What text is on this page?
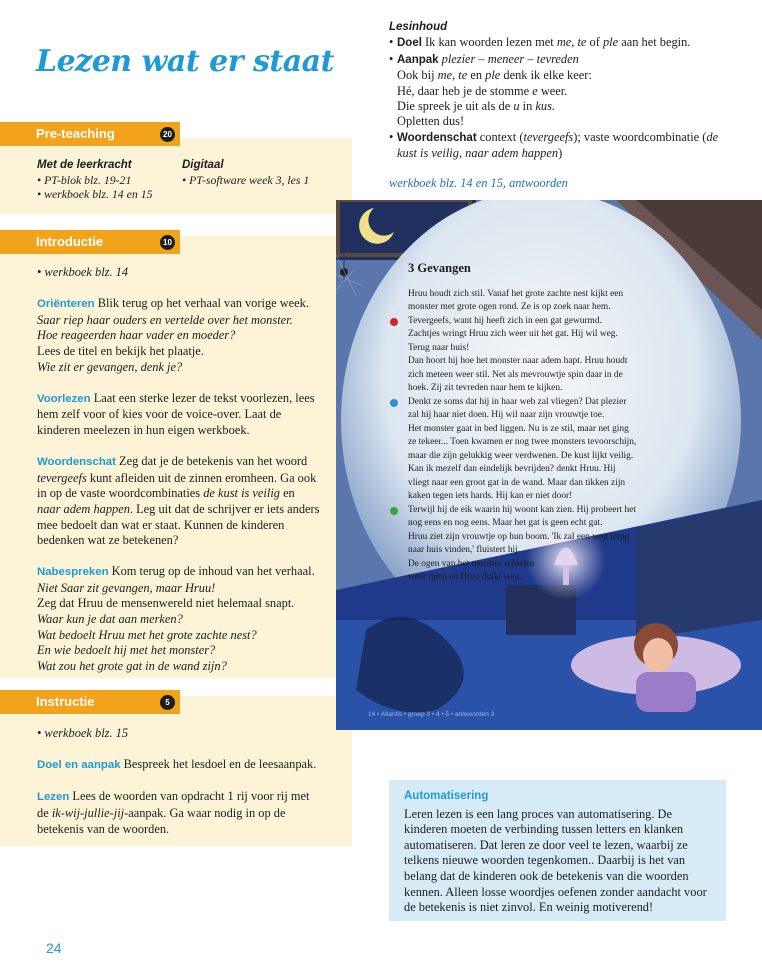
Lezen wat er staat
Pre-teaching	20
Introductie	10
Instructie	5
Met de leerkracht
• PT-blok blz. 19-21
• werkboek blz. 14 en 15
Digitaal
• PT-software week 3, les 1

• werkboek blz. 14

Oriënteren Blik terug op het verhaal van vorige week.
Saar riep haar ouders en vertelde over het monster.
Hoe reageerden haar vader en moeder?
Lees de titel en bekijk het plaatje.
Wie zit er gevangen, denk je?

Voorlezen Laat een sterke lezer de tekst voorlezen, lees hem zelf voor of kies voor de voice-over. Laat de kinderen meelezen in hun eigen werkboek.

Woordenschat Zeg dat je de betekenis van het woord tevergeefs kunt afleiden uit de zinnen eromheen. Ga ook in op de vaste woordcombinaties de kust is veilig en naar adem happen. Leg uit dat de schrijver er iets anders mee bedoelt dan wat er staat. Kunnen de kinderen bedenken wat ze betekenen?

Nabespreken Kom terug op de inhoud van het verhaal.
Niet Saar zit gevangen, maar Hruu!
Zeg dat Hruu de mensenwereld niet helemaal snapt.
Waar kun je dat aan merken?
Wat bedoelt Hruu met het grote zachte nest?
En wie bedoelt hij met het monster?
Wat zou het grote gat in de wand zijn?

• werkboek blz. 15

Doel en aanpak Bespreek het lesdoel en de leesaanpak.

Lezen Lees de woorden van opdracht 1 rij voor rij met de ik-wij-jullie-jij-aanpak. Ga waar nodig in op de betekenis van de woorden.

Lesinhoud
• Doel Ik kan woorden lezen met me, te of ple aan het begin.
• Aanpak plezier – meneer – tevreden
Ook bij me, te en ple denk ik elke keer:
Hé, daar heb je de stomme e weer.
Die spreek je uit als de u in kus.
Opletten dus!
• Woordenschat context (tevergeefs); vaste woordcombinatie (de kust is veilig, naar adem happen)
werkboek blz. 14 en 15, antwoorden
14 • Atlantis • groep 3 • 4 • 5 • antwoorden 3
3 Gevangen
Hruu houdt zich stil. Vanaf het grote zachte nest kijkt een
monster met grote ogen rond. Ze is op zoek naar hem.
Tevergeefs, want hij heeft zich in een gat gewurmd.
Zachtjes wringt Hruu zich weer uit het gat. Hij wil weg.
Terug naar huis!
Dan hoort hij hoe het monster naar adem hapt. Hruu houdt
zich meteen weer stil. Net als mevrouwtje spin daar in de
hoek. Zij zit tevreden naar hem te kijken.
Denkt ze soms dat hij in haar web zal vliegen? Dat plezier
zal hij haar niet doen. Hij wil naar zijn vrouwtje toe.
Het monster gaat in bed liggen. Nu is ze stil, maar net ging
ze tekeer... Toen kwamen er nog twee monsters tevoorschijn,
maar die zijn gelukkig weer verdwenen. De kust lijkt veilig.
Kan ik mezelf dan eindelijk bevrijden? denkt Hruu. Hij
vliegt naar een groot gat in de wand. Maar dan tikken zijn
kaken tegen iets hards. Hij kan er niet door!
Terwijl hij de eik waarin hij woont kan zien. Hij probeert het
nog eens en nog eens. Maar het gat is geen echt gat.
Hruu ziet zijn vrouwtje op hun boom. 'Ik zal een weg terug
naar huis vinden,' fluistert hij.
De ogen van het monster schieten
weer open en Hruu duikt weg.
Automatisering
Leren lezen is een lang proces van automatisering. De kinderen moeten de verbinding tussen letters en klanken automatiseren. Dat leren ze door veel te lezen, waarbij ze telkens nieuwe woorden tegenkomen.. Daarbij is het van belang dat de kinderen ook de betekenis van die woorden kennen. Alleen losse woordjes oefenen zonder aandacht voor de betekenis is niet zinvol. En weinig motiverend!
24
